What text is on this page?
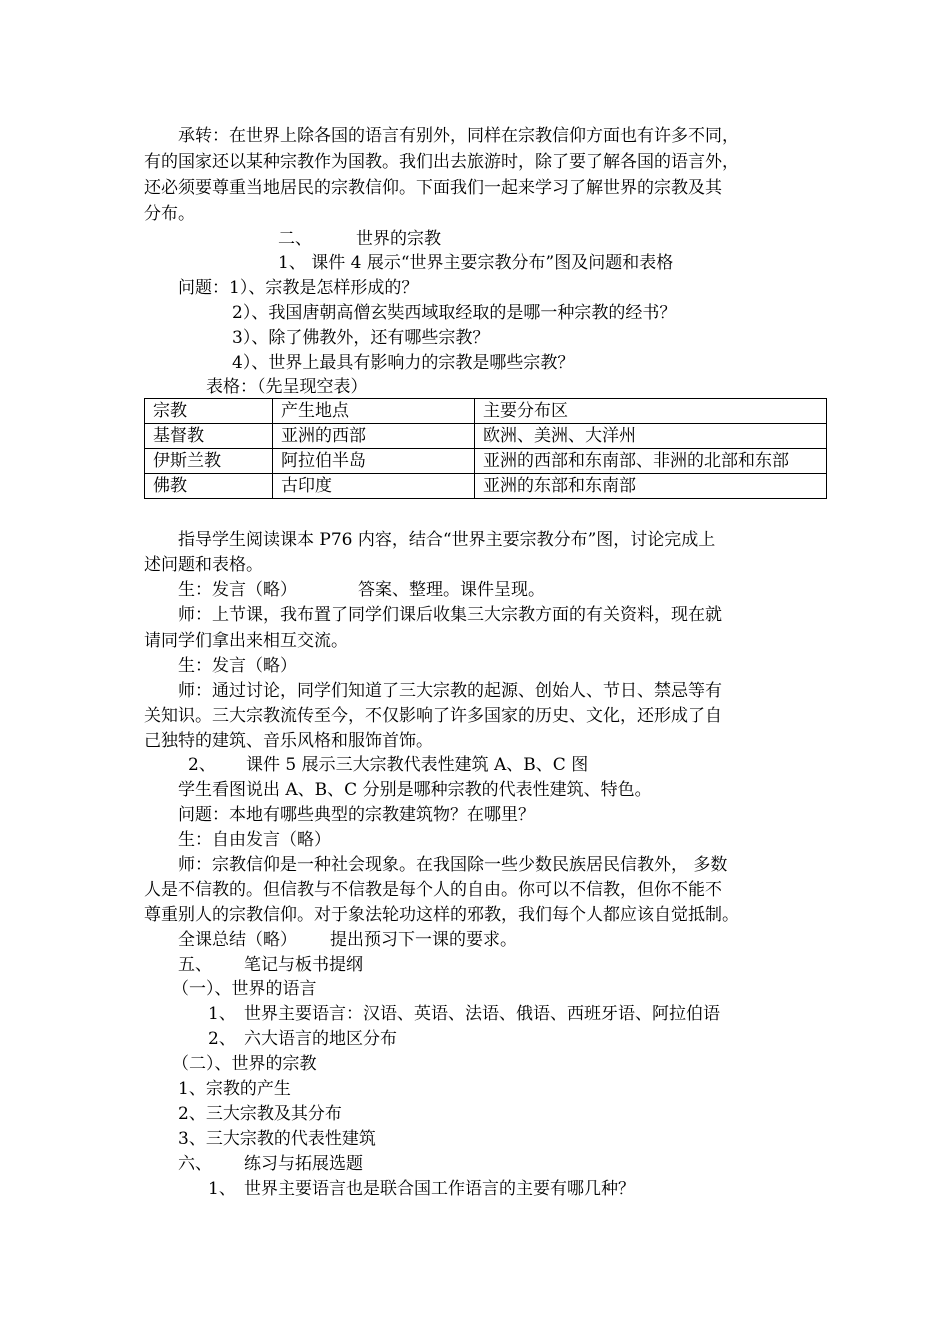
承转：在世界上除各国的语言有别外，同样在宗教信仰方面也有许多不同，
有的国家还以某种宗教作为国教。我们出去旅游时，除了要了解各国的语言外，
还必须要尊重当地居民的宗教信仰。下面我们一起来学习了解世界的宗教及其
分布。
二、	世界的宗教
1、 课件 4 展示“世界主要宗教分布”图及问题和表格
问题：1）、宗教是怎样形成的？
2）、我国唐朝高僧玄奘西域取经取的是哪一种宗教的经书？
3）、除了佛教外，还有哪些宗教？
4）、世界上最具有影响力的宗教是哪些宗教？
表格：（先呈现空表）
宗教	产生地点	主要分布区
基督教	亚洲的西部	欧洲、美洲、大洋州
伊斯兰教	阿拉伯半岛	亚洲的西部和东南部、非洲的北部和东部
佛教	古印度	亚洲的东部和东南部
指导学生阅读课本 P76 内容，结合“世界主要宗教分布”图，讨论完成上
述问题和表格。
生：发言（略）	答案、整理。课件呈现。
师：上节课，我布置了同学们课后收集三大宗教方面的有关资料，现在就
请同学们拿出来相互交流。
生：发言（略）
师：通过讨论，同学们知道了三大宗教的起源、创始人、节日、禁忌等有
关知识。三大宗教流传至今，不仅影响了许多国家的历史、文化，还形成了自
己独特的建筑、音乐风格和服饰首饰。
2、 课件 5 展示三大宗教代表性建筑 A、B、C 图
学生看图说出 A、B、C 分别是哪种宗教的代表性建筑、特色。
问题：本地有哪些典型的宗教建筑物？在哪里？
生：自由发言（略）
师：宗教信仰是一种社会现象。在我国除一些少数民族居民信教外， 多数
人是不信教的。但信教与不信教是每个人的自由。你可以不信教，但你不能不
尊重别人的宗教信仰。对于象法轮功这样的邪教，我们每个人都应该自觉抵制。
全课总结（略） 提出预习下一课的要求。
五、 笔记与板书提纲
（一）、世界的语言
1、 世界主要语言：汉语、英语、法语、俄语、西班牙语、阿拉伯语
2、 六大语言的地区分布
（二）、世界的宗教
1、宗教的产生
2、三大宗教及其分布
3、三大宗教的代表性建筑
六、 练习与拓展选题
1、 世界主要语言也是联合国工作语言的主要有哪几种？
